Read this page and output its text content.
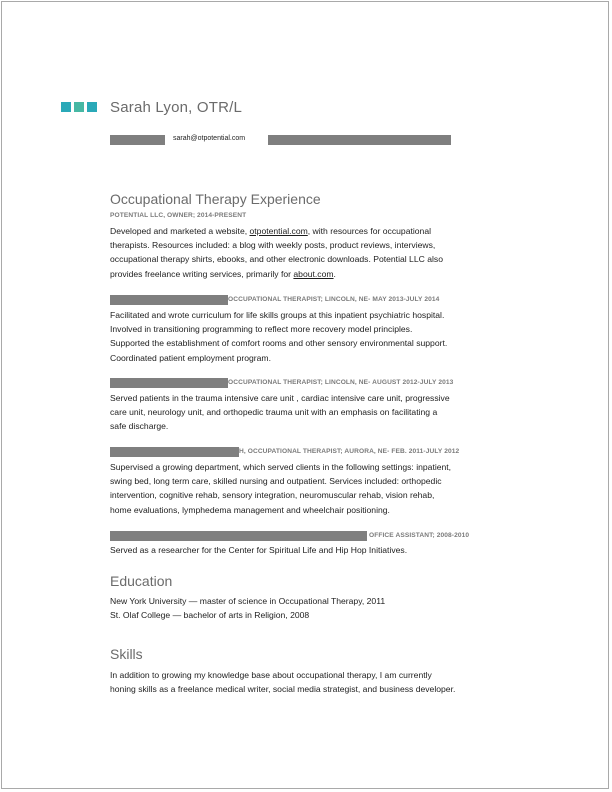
Sarah Lyon, OTR/L
sarah@otpotential.com
Occupational Therapy Experience
POTENTIAL LLC, OWNER; 2014-PRESENT
Developed and marketed a website, otpotential.com, with resources for occupational
therapists. Resources included: a blog with weekly posts, product reviews, interviews,
occupational therapy shirts, ebooks, and other electronic downloads. Potential LLC also
provides freelance writing services, primarily for about.com.
OCCUPATIONAL THERAPIST; LINCOLN, NE- MAY 2013-JULY 2014
Facilitated and wrote curriculum for life skills groups at this inpatient psychiatric hospital.
Involved in transitioning programming to reflect more recovery model principles.
Supported the establishment of comfort rooms and other sensory environmental support.
Coordinated patient employment program.
OCCUPATIONAL THERAPIST; LINCOLN, NE- AUGUST 2012-JULY 2013
Served patients in the trauma intensive care unit , cardiac intensive care unit, progressive
care unit, neurology unit, and orthopedic trauma unit with an emphasis on facilitating a
safe discharge.
H, OCCUPATIONAL THERAPIST; AURORA, NE- FEB. 2011-JULY 2012
Supervised a growing department, which served clients in the following settings: inpatient,
swing bed, long term care, skilled nursing and outpatient. Services included: orthopedic
intervention, cognitive rehab, sensory integration, neuromuscular rehab, vision rehab,
home evaluations, lymphedema management and wheelchair positioning.
OFFICE ASSISTANT; 2008-2010
Served as a researcher for the Center for Spiritual Life and Hip Hop Initiatives.
Education
New York University — master of science in Occupational Therapy, 2011
St. Olaf College — bachelor of arts in Religion, 2008
Skills
In addition to growing my knowledge base about occupational therapy, I am currently
honing skills as a freelance medical writer, social media strategist, and business developer.
